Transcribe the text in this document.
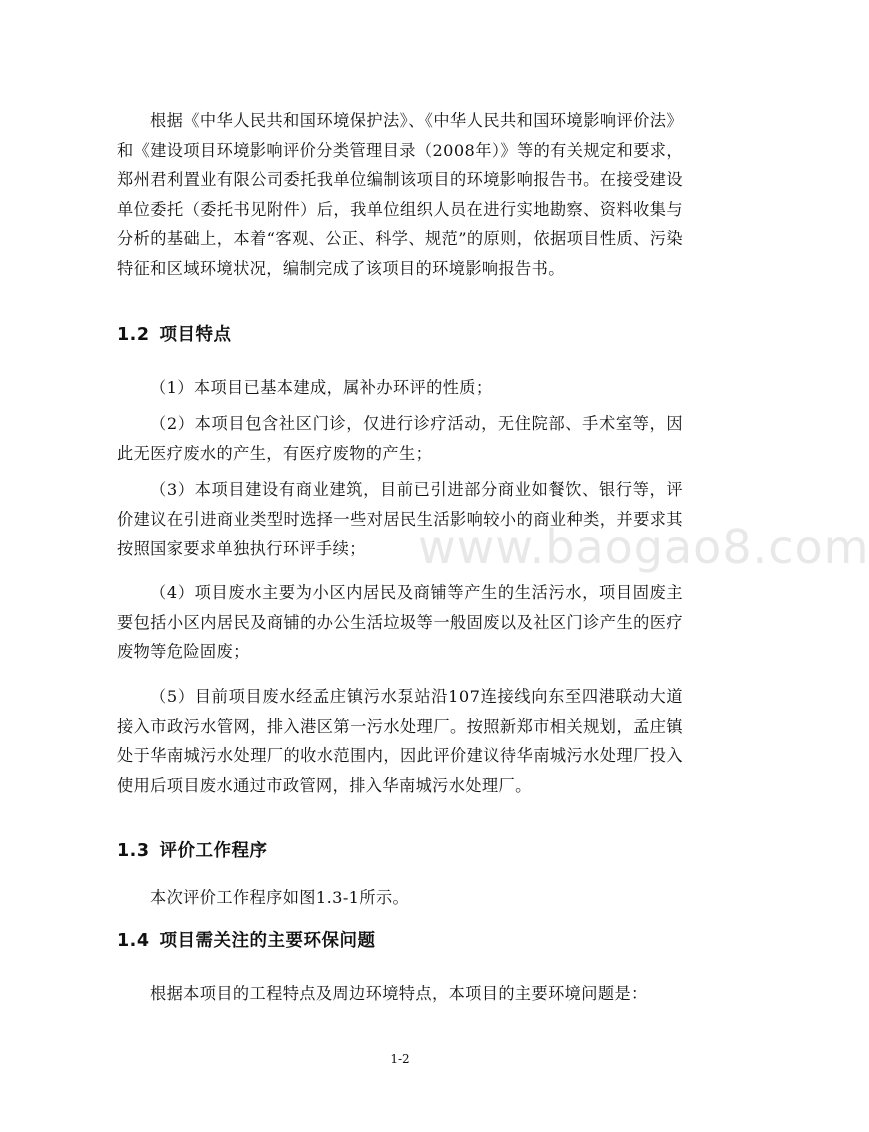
根据《中华人民共和国环境保护法》、《中华人民共和国环境影响评价法》和《建设项目环境影响评价分类管理目录（2008年）》等的有关规定和要求，郑州君利置业有限公司委托我单位编制该项目的环境影响报告书。在接受建设单位委托（委托书见附件）后，我单位组织人员在进行实地勘察、资料收集与分析的基础上，本着“客观、公正、科学、规范”的原则，依据项目性质、污染特征和区域环境状况，编制完成了该项目的环境影响报告书。

1.2 项目特点

（1）本项目已基本建成，属补办环评的性质；

（2）本项目包含社区门诊，仅进行诊疗活动，无住院部、手术室等，因此无医疗废水的产生，有医疗废物的产生；

（3）本项目建设有商业建筑，目前已引进部分商业如餐饮、银行等，评价建议在引进商业类型时选择一些对居民生活影响较小的商业种类，并要求其按照国家要求单独执行环评手续；

（4）项目废水主要为小区内居民及商铺等产生的生活污水，项目固废主要包括小区内居民及商铺的办公生活垃圾等一般固废以及社区门诊产生的医疗废物等危险固废；

（5）目前项目废水经孟庄镇污水泵站沿107连接线向东至四港联动大道接入市政污水管网，排入港区第一污水处理厂。按照新郑市相关规划，孟庄镇处于华南城污水处理厂的收水范围内，因此评价建议待华南城污水处理厂投入使用后项目废水通过市政管网，排入华南城污水处理厂。

1.3 评价工作程序

本次评价工作程序如图1.3-1所示。

1.4 项目需关注的主要环保问题

根据本项目的工程特点及周边环境特点，本项目的主要环境问题是：

www.baogao8.com
1-2
